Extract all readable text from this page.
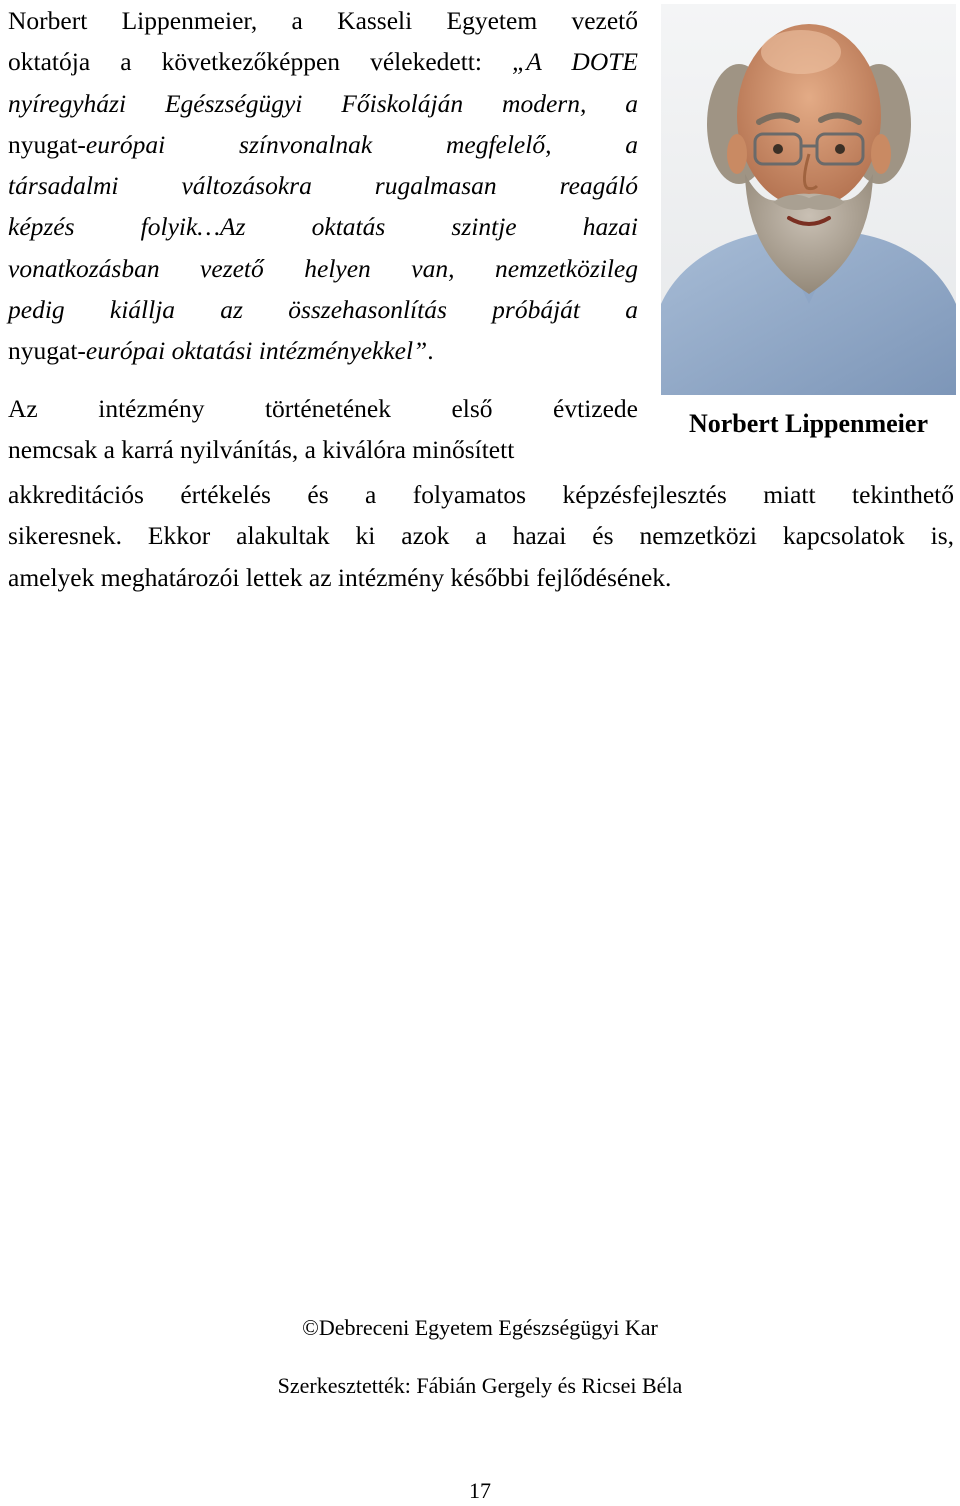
Norbert Lippenmeier, a Kasseli Egyetem vezető
oktatója a következőképpen vélekedett: „A DOTE
nyíregyházi Egészségügyi Főiskoláján modern, a
nyugat-európai színvonalnak megfelelő, a
társadalmi változásokra rugalmasan reagáló
képzés folyik…Az oktatás szintje hazai
vonatkozásban vezető helyen van, nemzetközileg
pedig kiállja az összehasonlítás próbáját a
nyugat-európai oktatási intézményekkel”.
Az intézmény történetének első évtizede
nemcsak a karrá nyilvánítás, a kiválóra minősített
akkreditációs értékelés és a folyamatos képzésfejlesztés miatt tekinthető
sikeresnek. Ekkor alakultak ki azok a hazai és nemzetközi kapcsolatok is,
amelyek meghatározói lettek az intézmény későbbi fejlődésének.
Norbert Lippenmeier
©Debreceni Egyetem Egészségügyi Kar
Szerkesztették: Fábián Gergely és Ricsei Béla
17
